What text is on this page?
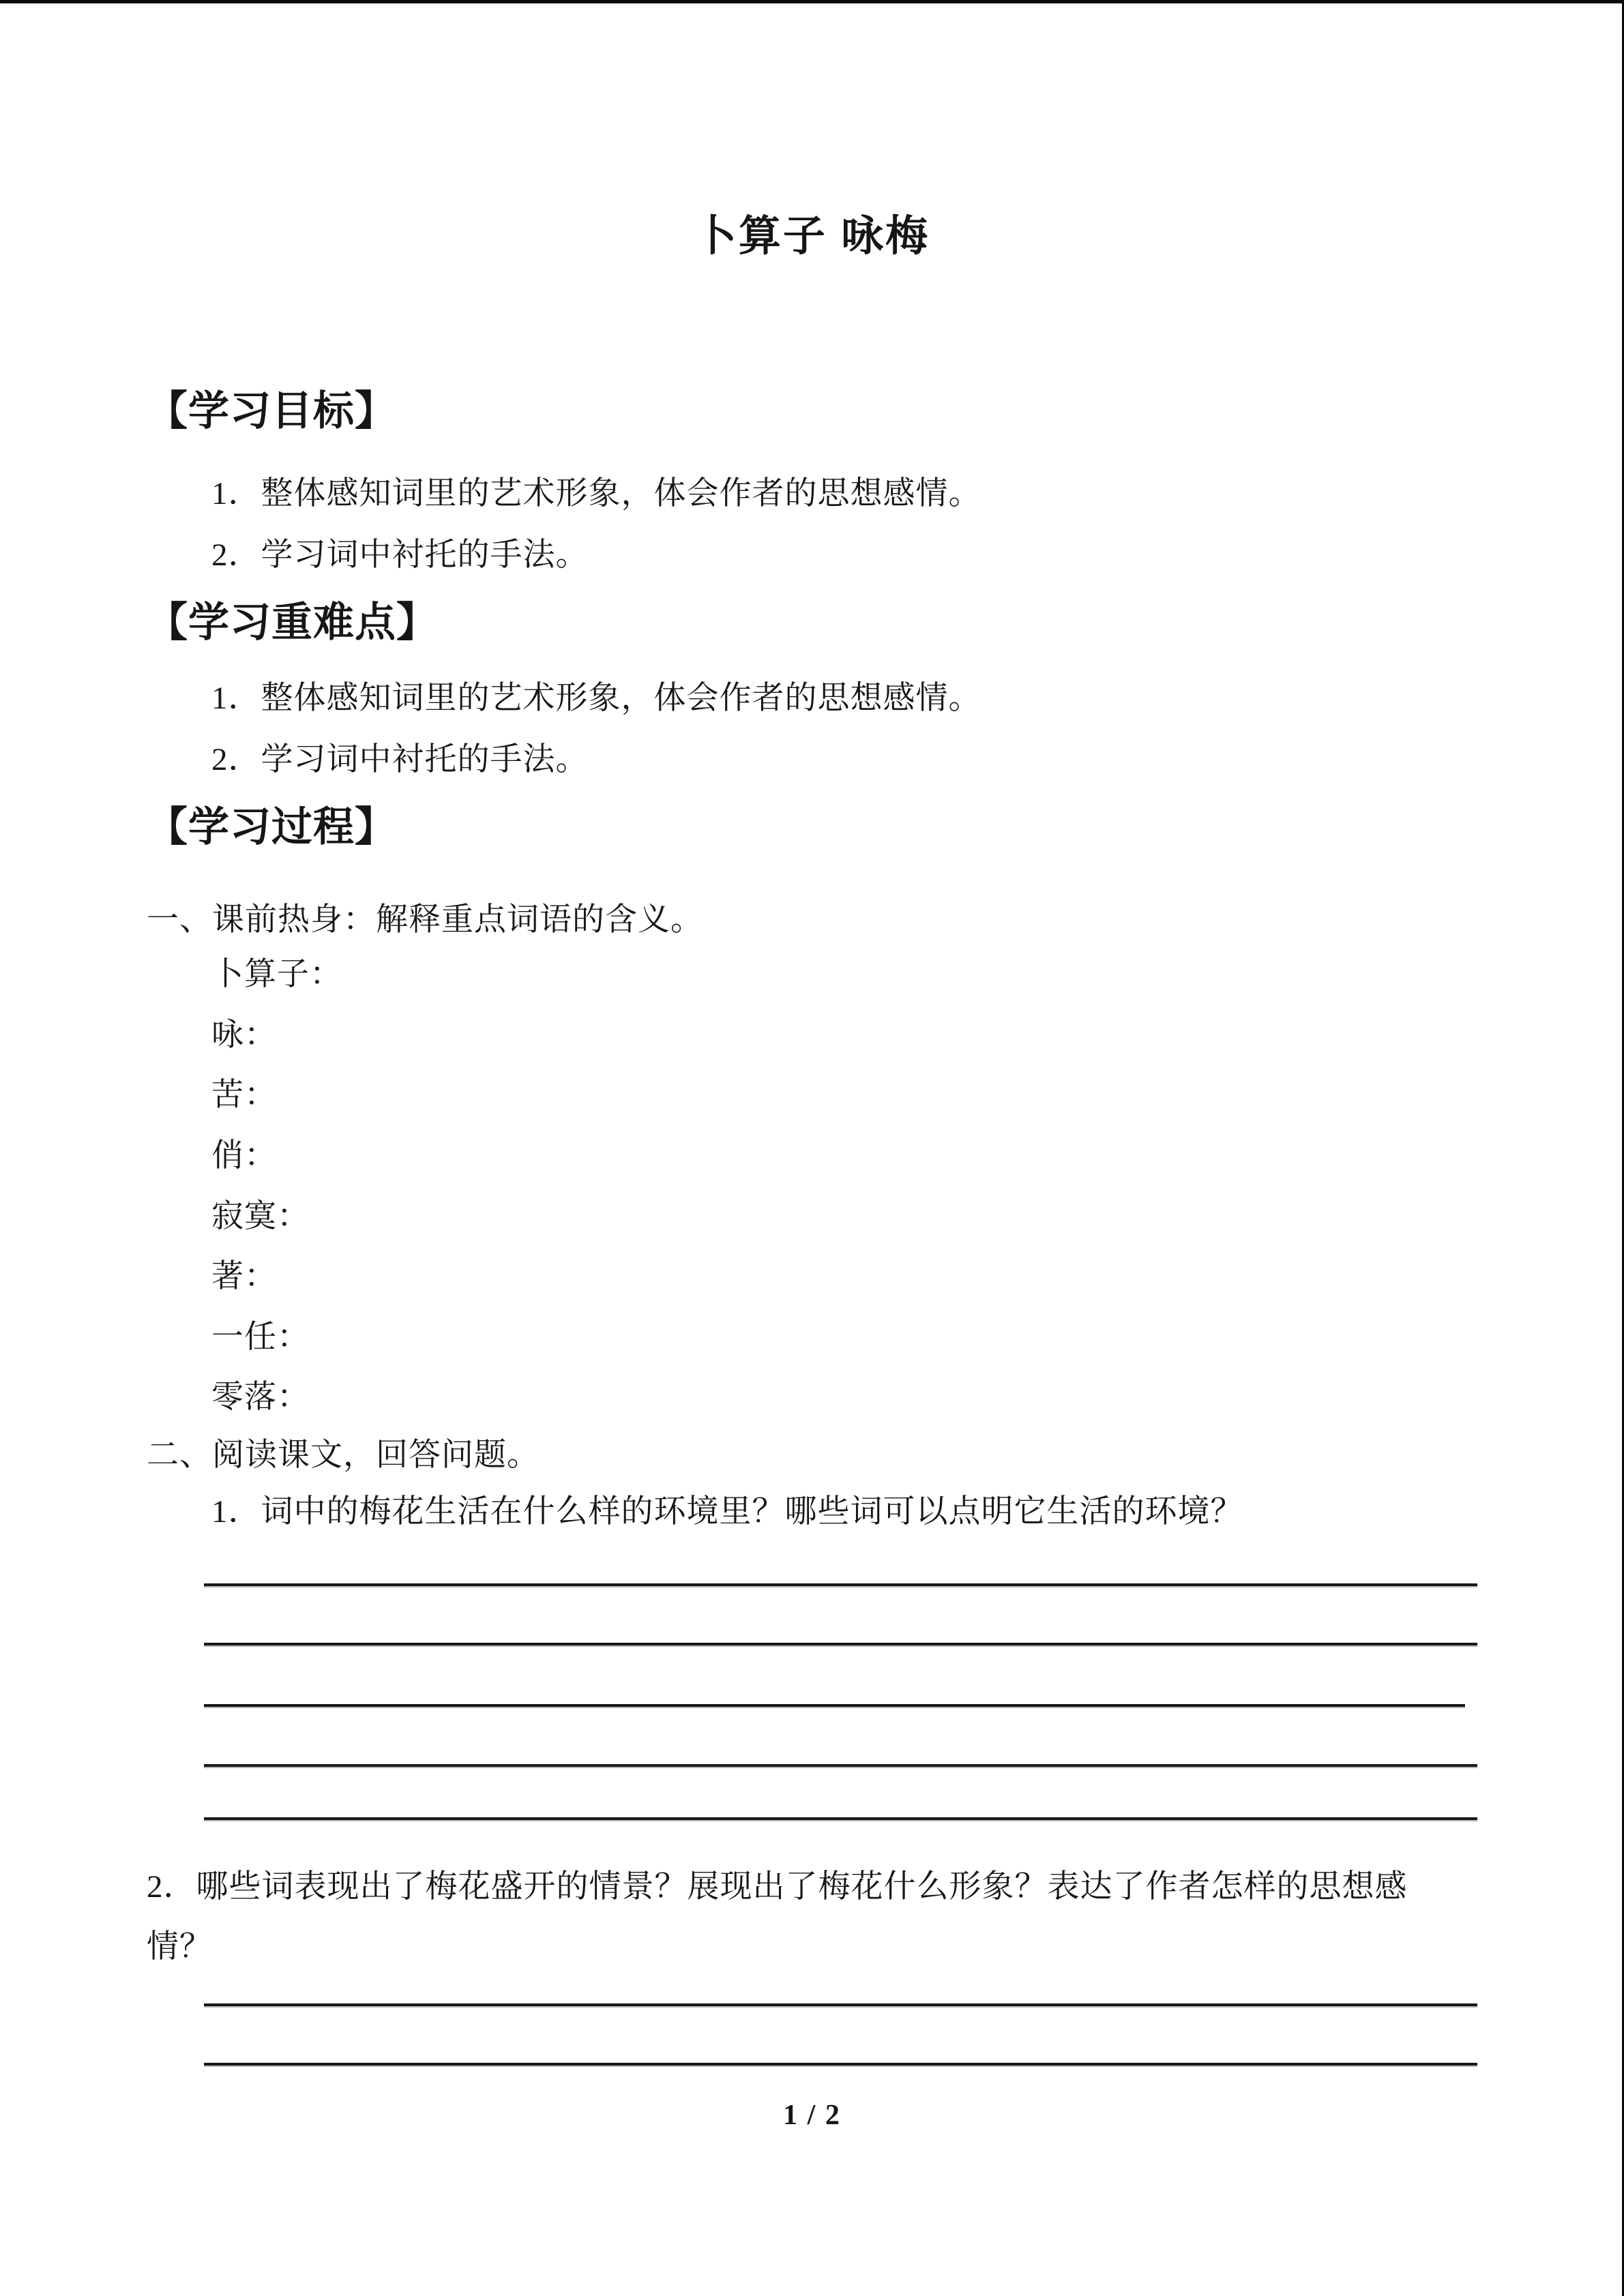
卜算子 咏梅
【学习目标】
1．整体感知词里的艺术形象，体会作者的思想感情。
2．学习词中衬托的手法。
【学习重难点】
1．整体感知词里的艺术形象，体会作者的思想感情。
2．学习词中衬托的手法。
【学习过程】
一、课前热身：解释重点词语的含义。
卜算子：
咏：
苦：
俏：
寂寞：
著：
一任：
零落：
二、阅读课文，回答问题。
1．词中的梅花生活在什么样的环境里？哪些词可以点明它生活的环境？
2．哪些词表现出了梅花盛开的情景？展现出了梅花什么形象？表达了作者怎样的思想感
情？
1 / 2
